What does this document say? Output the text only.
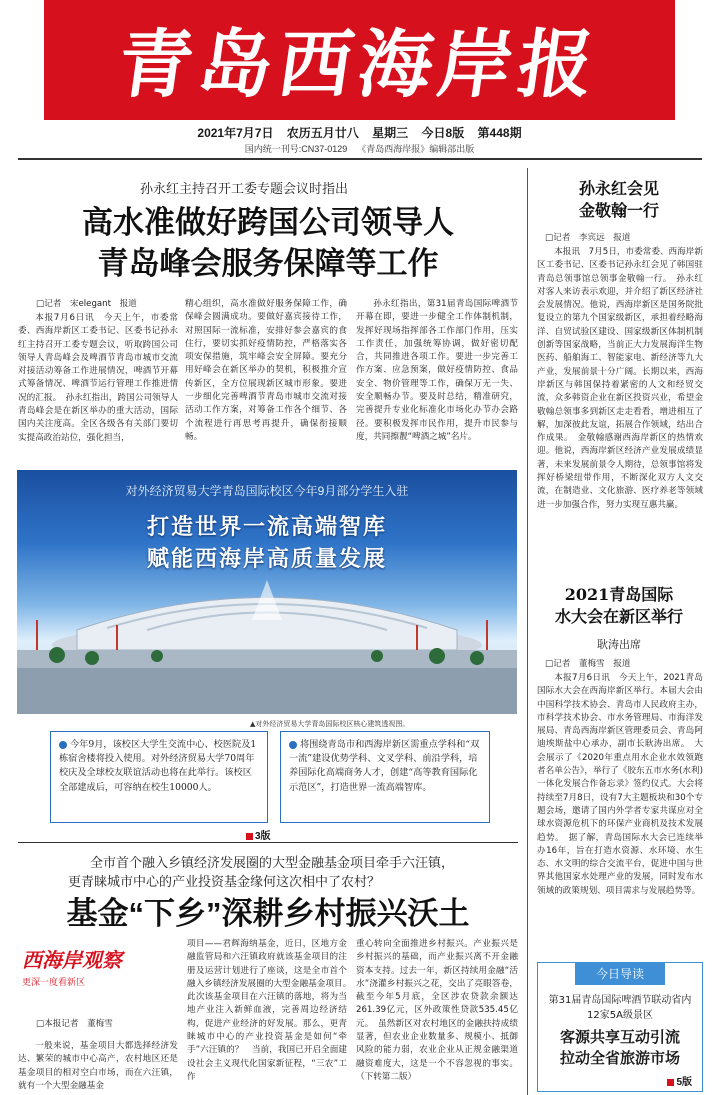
青岛西海岸报
2021年7月7日 农历五月廿八 星期三 今日8版 第448期
国内统一刊号:CN37-0129 《青岛西海岸报》编辑部出版
孙永红主持召开工委专题会议时指出
高水准做好跨国公司领导人
青岛峰会服务保障等工作
□记者　宋elegant　报道

本报7月6日讯　今天上午，市委常委、西海岸新区工委书记、区委书记孙永红主持召开工委专题会议，听取跨国公司领导人青岛峰会及啤酒节青岛市城市交流对接活动筹备工作进展情况，啤酒节开幕式筹备情况、啤酒节运行管理工作推进情况的汇报。　孙永红指出，跨国公司领导人青岛峰会是在新区举办的重大活动，国际国内关注度高。全区各级各有关部门要切实提高政治站位，强化担当，

精心组织，高水准做好服务保障工作，确保峰会圆满成功。要做好嘉宾接待工作，对照国际一流标准，安排好参会嘉宾的食住行，要切实抓好疫情防控，严格落实各项安保措施，筑牢峰会安全屏障。要充分用好峰会在新区举办的契机，积极推介宣传新区，全方位展现新区城市形象。要进一步细化完善啤酒节青岛市城市交流对接活动工作方案，对筹备工作各个细节、各个流程进行再思考再提升，确保衔接顺畅。

孙永红指出，第31届青岛国际啤酒节开幕在即，要进一步健全工作体制机制，发挥好现场指挥部各工作部门作用，压实工作责任，加强统筹协调，做好密切配合，共同推进各项工作。要进一步完善工作方案、应急预案，做好疫情防控、食品安全、物价管理等工作，确保万无一失、安全顺畅办节。要及时总结，精准研究，完善提升专业化标准化市场化办节办会路径。要积极发挥市民作用，提升市民参与度，共同擦靓“啤酒之城”名片。

对外经济贸易大学青岛国际校区今年9月部分学生入驻
打造世界一流高端智库
赋能西海岸高质量发展
▲对外经济贸易大学青岛国际校区核心建筑透视图。
今年9月，该校区大学生交流中心、校医院及1栋宿舍楼将投入使用。对外经济贸易大学70周年校庆及全球校友联谊活动也将在此举行。该校区全部建成后，可容纳在校生10000人。
将围绕青岛市和西海岸新区需重点学科和“双一流”建设优势学科、文叉学科、前沿学科，培养国际化高端商务人才，创建“高等教育国际化示范区”，打造世界一流高端智库。
3版
全市首个融入乡镇经济发展圈的大型金融基金项目牵手六汪镇，
更青睐城市中心的产业投资基金缘何这次相中了农村？
基金“下乡”深耕乡村振兴沃土
西海岸观察
更深一度看新区
□本报记者　董梅雪

一般来说，基金项目大都选择经济发达、繁荣的城市中心高产，农村地区还是基金项目的相对空白市场，而在六汪镇，就有一个大型金融基金

项目——君辉海纳基金，近日，区地方金融监管局和六汪镇政府就该基金项目的注册及运营计划进行了座谈，这是全市首个融入乡镇经济发展圈的大型金融基金项目。　此次该基金项目在六汪镇的落地，将为当地产业注入新鲜血液，完善周边经济结构，促进产业经济的好发展。那么，更青睐城市中心的产业投资基金是如何“牵手”六汪镇的？　当前，我国已开启全面建设社会主义现代化国家新征程，“三农”工作

重心转向全面推进乡村振兴。产业振兴是乡村振兴的基础，而产业振兴离不开金融资本支持。过去一年，新区持续用金融“活水”浇灌乡村振兴之花，交出了亮眼答卷，截至今年5月底，全区涉农贷款余额达261.39亿元，区外政策性贷款535.45亿元。　虽然新区对农村地区的金融扶持成绩显著，但农业企业数量多、规模小、抵御风险的能力弱，农业企业从正规金融渠道融资难度大，这是一个不容忽视的事实。（下转第二版）

孙永红会见
金敬翰一行
□记者　李宾远　报道

本报讯　7月5日，市委常委、西海岸新区工委书记、区委书记孙永红会见了韩国驻青岛总领事馆总领事金敬翰一行。　孙永红对客人来访表示欢迎，并介绍了新区经济社会发展情况。他说，西海岸新区是国务院批复设立的第九个国家级新区，承担着经略海洋、自贸试验区建设、国家级新区体制机制创新等国家战略，当前正大力发展海洋生物医药、船舶海工、智能家电、新经济等九大产业，发展前景十分广阔。长期以来，西海岸新区与韩国保持着紧密的人文和经贸交流，众多韩资企业在新区投资兴业，希望金敬翰总领事多到新区走走看看，增进相互了解，加深彼此友谊，拓展合作领域，结出合作成果。　金敬翰感谢西海岸新区的热情欢迎。他说，西海岸新区经济产业发展成绩显著，未来发展前景令人期待，总领事馆将发挥好桥梁纽带作用，不断深化双方人文交流，在制造业、文化旅游、医疗养老等领域进一步加强合作，努力实现互惠共赢。

2021青岛国际
水大会在新区举行
耿涛出席
□记者　董梅雪　报道

本报7月6日讯　今天上午，2021青岛国际水大会在西海岸新区举行。本届大会由中国科学技术协会、青岛市人民政府主办，市科学技术协会、市水务管理局、市海洋发展局、青岛西海岸新区管理委员会、青岛阿迪埃斯盐中心承办，副市长耿涛出席。　大会展示了《2020年重点用水企业水效领跑者名单公告》，举行了《胶东五市水务(水利)一体化发展合作备忘录》签约仪式。大会将持续至7月8日，设有7大主题板块和30个专题会场，邀请了国内外学者专家共谋应对全球水资源危机下的环保产业商机及技术发展趋势。　据了解，青岛国际水大会已连续举办16年，旨在打造水资源、水环境、水生态、水文明的综合交流平台，促进中国与世界其他国家水处理产业的发展，同时发布水领域的政策规划、项目需求与发展趋势等。

今日导读
第31届青岛国际啤酒节联动省内12家5A级景区
客源共享互动引流
拉动全省旅游市场
5版
